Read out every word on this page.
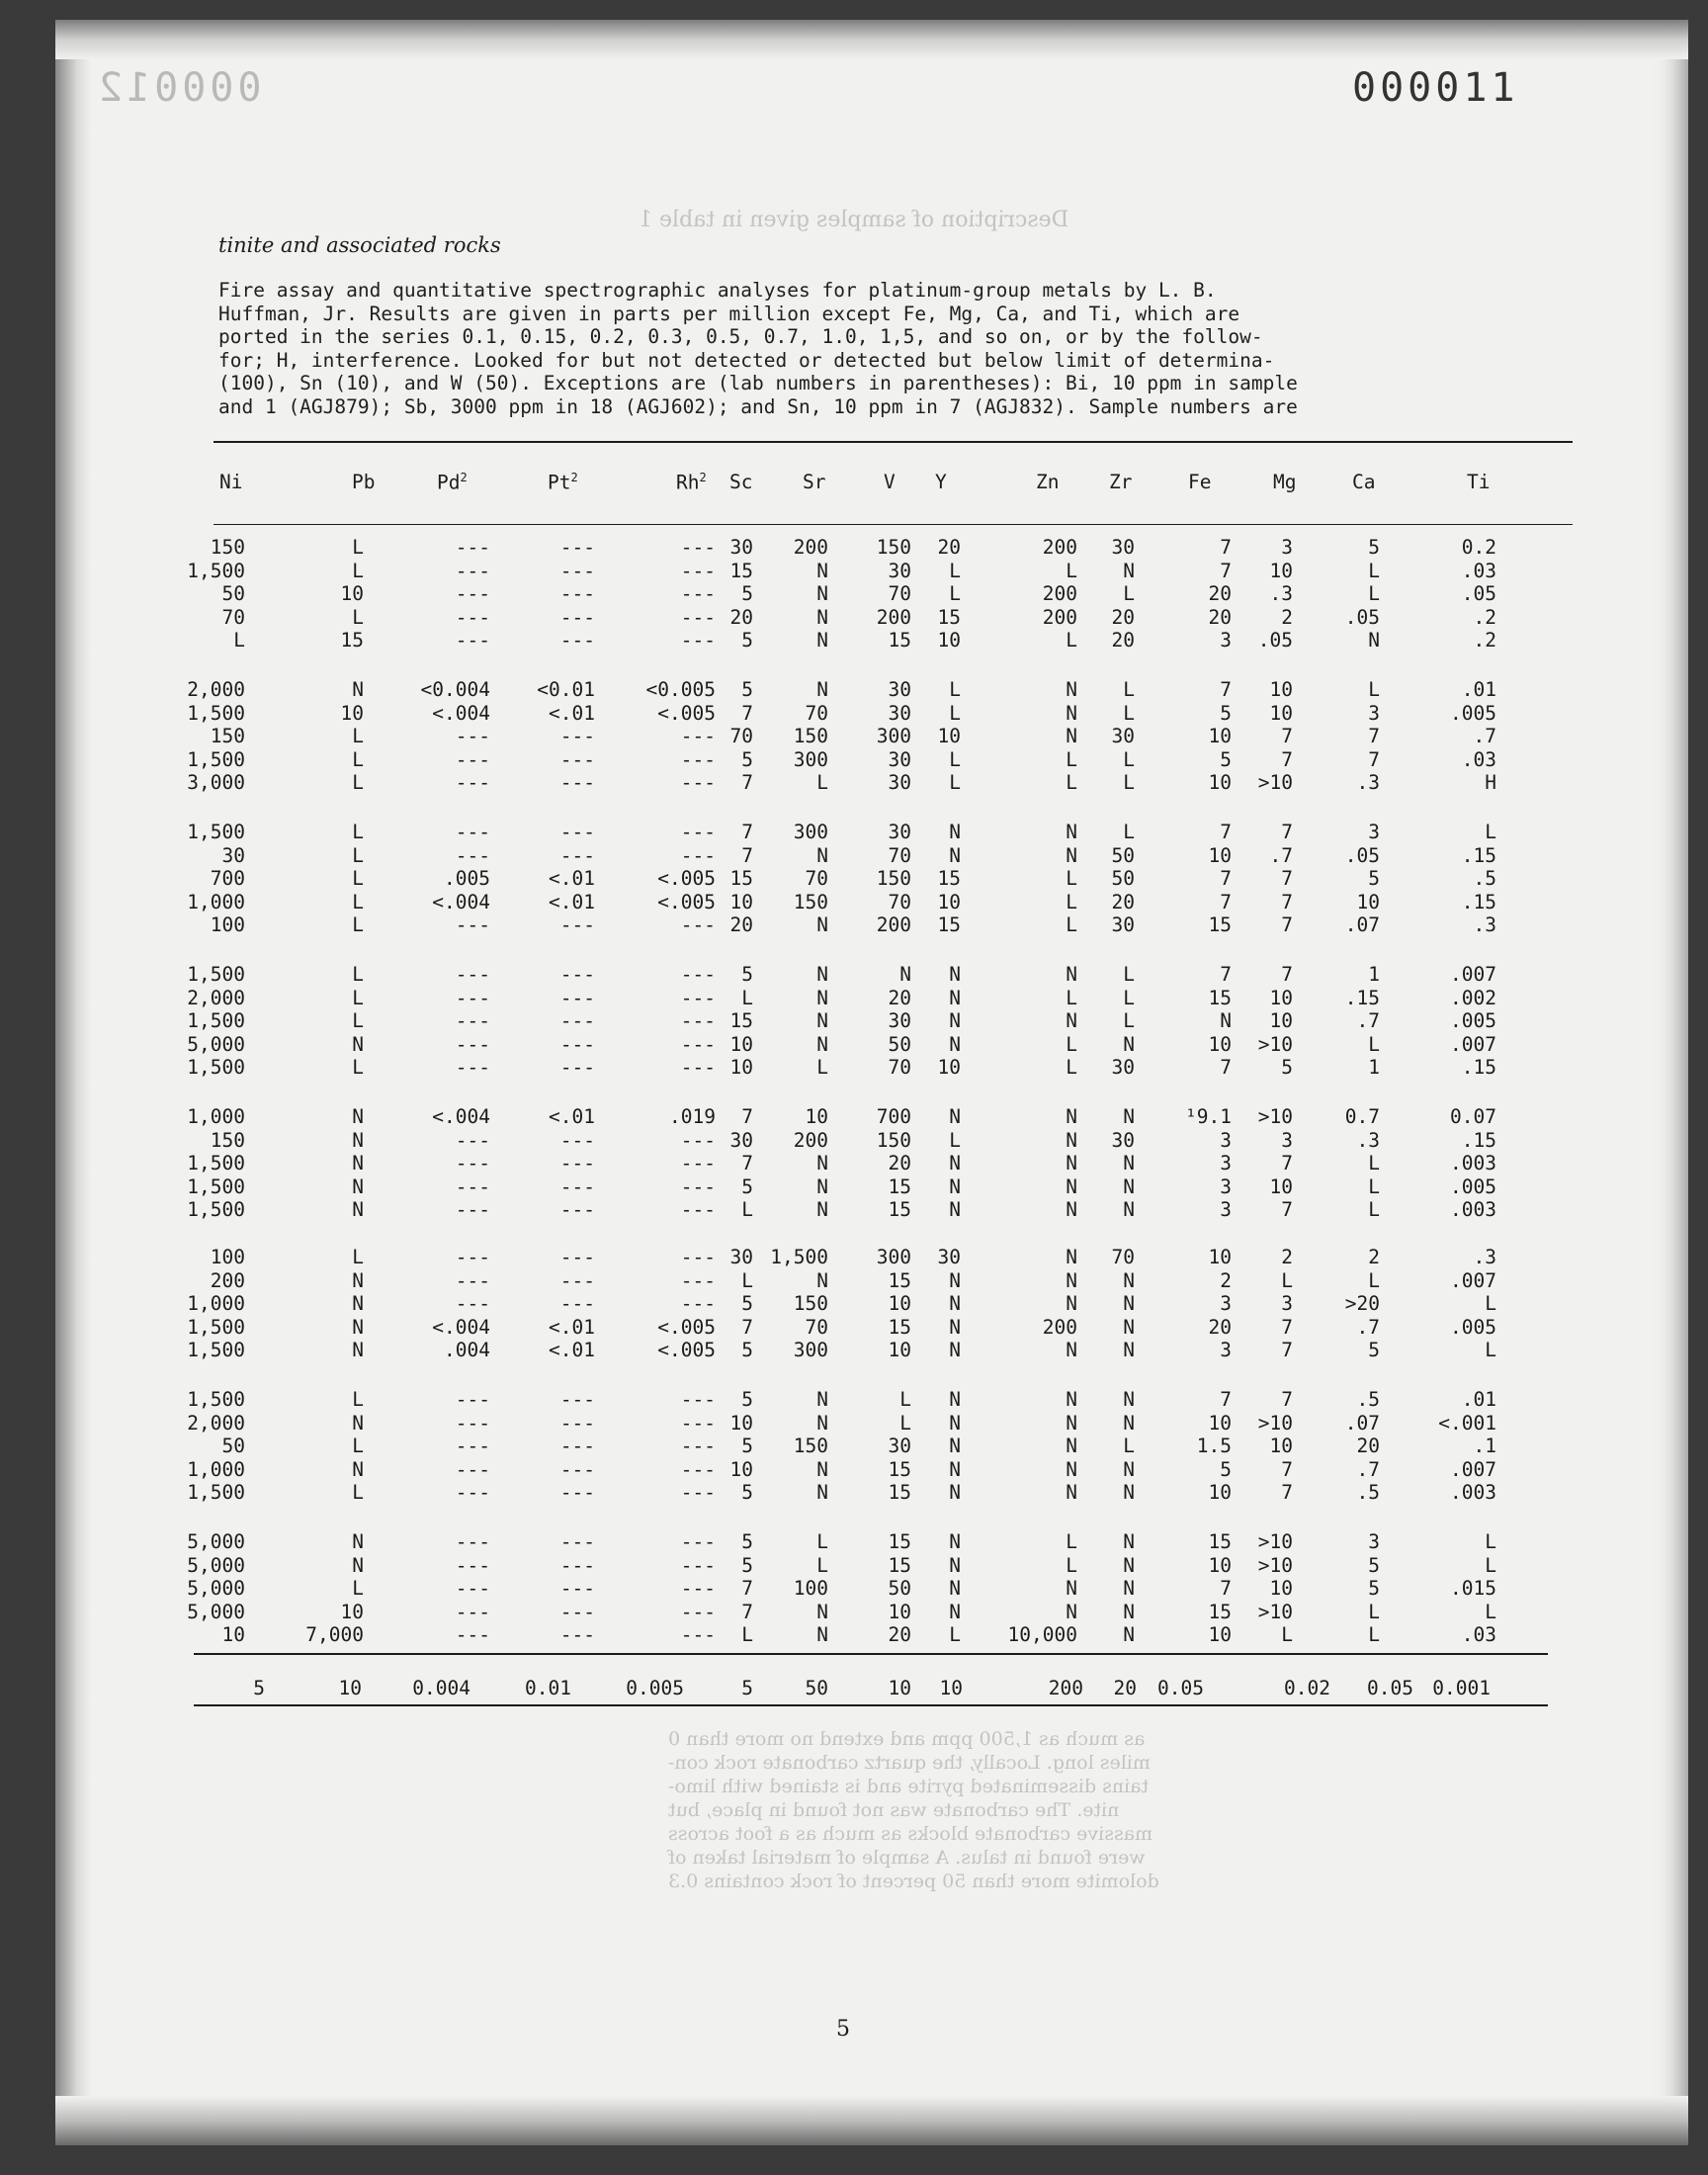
000011
000012
Description of samples given in table 1
tinite and associated rocks

Fire assay and quantitative spectrographic analyses for platinum-group metals by L. B.

Huffman, Jr. Results are given in parts per million except Fe, Mg, Ca, and Ti, which are

ported in the series 0.1, 0.15, 0.2, 0.3, 0.5, 0.7, 1.0, 1,5, and so on, or by the follow-

for; H, interference. Looked for but not detected or detected but below limit of determina-

(100), Sn (10), and W (50). Exceptions are (lab numbers in parentheses): Bi, 10 ppm in sample

and 1 (AGJ879); Sb, 3000 ppm in 18 (AGJ602); and Sn, 10 ppm in 7 (AGJ832). Sample numbers are

Ni	Pb	Pd$^2$	Pt$^2$	Rh$^2$ Sc	Sr	V Y	Zn	Zr	Fe	Mg	Ca	Ti
150	L	---	---	--- 30	200	150	20	200	30	7	3	5	0.2
1,500	L	---	---	--- 15	N	30	L	L	N	7	10	L	.03
50	10	---	---	---	5	N	70	L	200	L	20	.3	L	.05
70	L	---	---	--- 20	N	200	15	200	20	20	2	.05	.2
L	15	---	---	---	5	N	15	10	L	20	3	.05	N	.2
2,000	N	<0.004	<0.01	<0.005	5	N	30	L	N	L	7	10	L	.01
1,500	10	<.004	<.01	<.005	7	70	30	L	N	L	5	10	3	.005
150	L	---	---	--- 70	150	300	10	N	30	10	7	7	.7
1,500	L	---	---	---	5	300	30	L	L	L	5	7	7	.03
3,000	L	---	---	---	7	L	30	L	L	L	10	>10	.3	H
1,500	L	---	---	---	7	300	30	N	N	L	7	7	3	L
30	L	---	---	---	7	N	70	N	N	50	10	.7	.05	.15
700	L	.005	<.01	<.005 15	70	150	15	L	50	7	7	5	.5
1,000	L	<.004	<.01	<.005 10	150	70	10	L	20	7	7	10	.15
100	L	---	---	--- 20	N	200	15	L	30	15	7	.07	.3
1,500	L	---	---	---	5	N	N	N	N	L	7	7	1	.007
2,000	L	---	---	---	L	N	20	N	L	L	15	10	.15	.002
1,500	L	---	---	--- 15	N	30	N	N	L	N	10	.7	.005
5,000	N	---	---	--- 10	N	50	N	L	N	10	>10	L	.007
1,500	L	---	---	--- 10	L	70	10	L	30	7	5	1	.15
1,000	N	<.004	<.01	.019	7	10	700	N	N	N	¹9.1	>10	0.7	0.07
150	N	---	---	--- 30	200	150	L	N	30	3	3	.3	.15
1,500	N	---	---	---	7	N	20	N	N	N	3	7	L	.003
1,500	N	---	---	---	5	N	15	N	N	N	3	10	L	.005
1,500	N	---	---	---	L	N	15	N	N	N	3	7	L	.003
100	L	---	---	--- 30 1,500	300	30	N	70	10	2	2	.3
200	N	---	---	---	L	N	15	N	N	N	2	L	L	.007
1,000	N	---	---	---	5	150	10	N	N	N	3	3	>20	L
1,500	N	<.004	<.01	<.005	7	70	15	N	200	N	20	7	.7	.005
1,500	N	.004	<.01	<.005	5	300	10	N	N	N	3	7	5	L
1,500	L	---	---	---	5	N	L	N	N	N	7	7	.5	.01
2,000	N	---	---	--- 10	N	L	N	N	N	10	>10	.07	<.001
50	L	---	---	---	5	150	30	N	N	L	1.5	10	20	.1
1,000	N	---	---	--- 10	N	15	N	N	N	5	7	.7	.007
1,500	L	---	---	---	5	N	15	N	N	N	10	7	.5	.003
5,000	N	---	---	---	5	L	15	N	L	N	15	>10	3	L
5,000	N	---	---	---	5	L	15	N	L	N	10	>10	5	L
5,000	L	---	---	---	7	100	50	N	N	N	7	10	5	.015
5,000	10	---	---	---	7	N	10	N	N	N	15	>10	L	L
10	7,000	---	---	---	L	N	20	L	10,000	N	10	L	L	.03
5	10	0.004	0.01	0.005	5	50	10	10	200	20	0.05	0.02	0.05 0.001
as much as 1,500 ppm and extend no more than 0
miles long. Locally, the quartz carbonate rock con-
tains disseminated pyrite and is stained with limo-
nite. The carbonate was not found in place, but
massive carbonate blocks as much as a foot across
were found in talus. A sample of material taken of
dolomite more than 50 percent of rock contains 0.3
5
